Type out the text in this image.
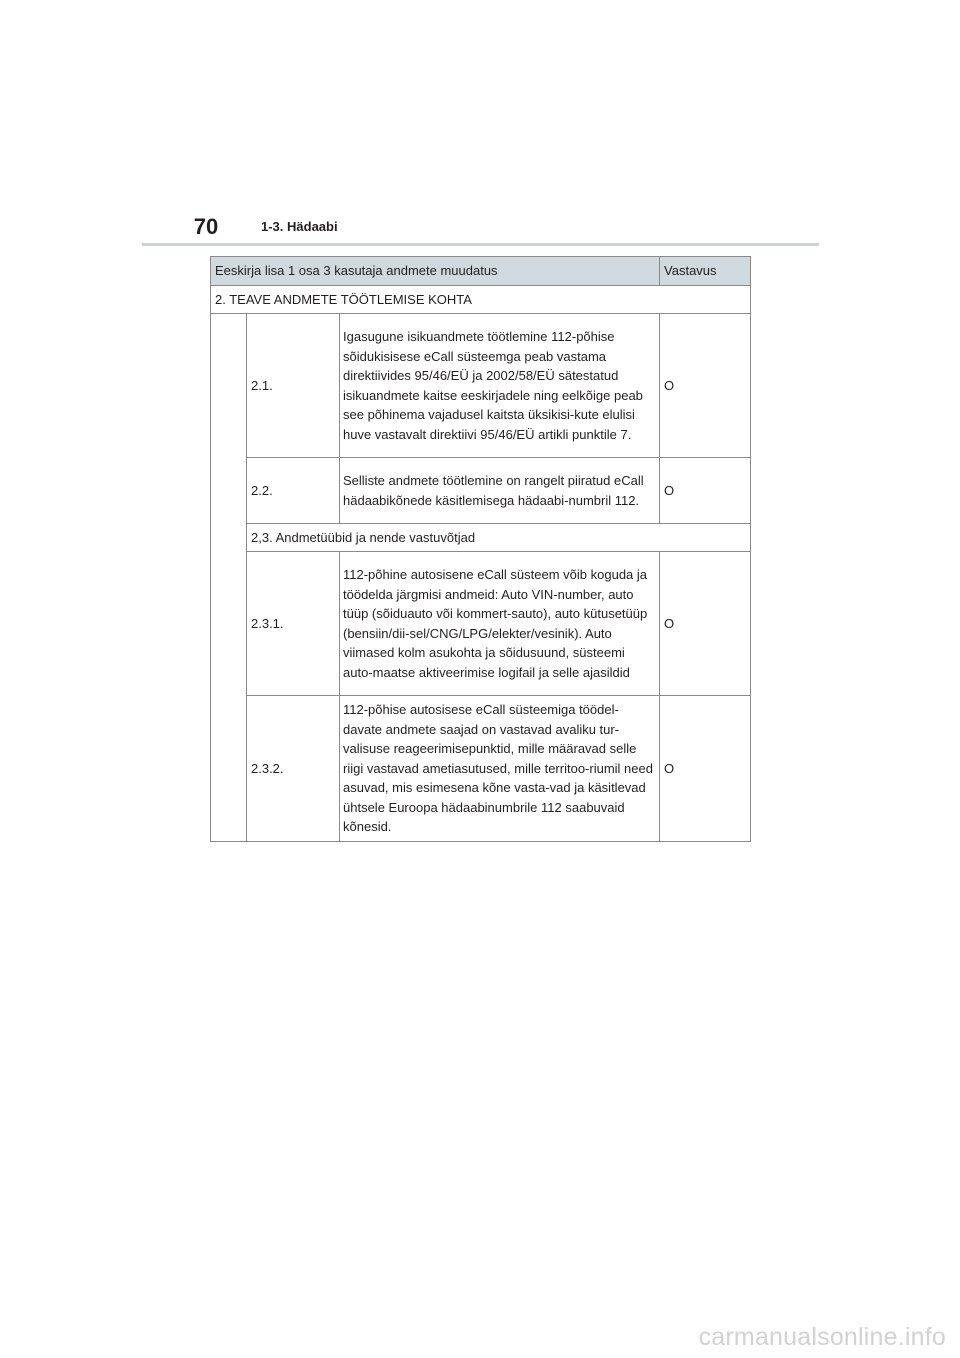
70	1-3. Hädaabi
Eeskirja lisa 1 osa 3 kasutaja andmete muudatus			Vastavus
2. TEAVE ANDMETE TÖÖTLEMISE KOHTA			
	2.1.	Igasugune isikuandmete töötlemine 112-põhise sõidukisisese eCall süsteemga peab vastama direktiivides 95/46/EÜ ja 2002/58/EÜ sätestatud isikuandmete kaitse eeskirjadele ning eelkõige peab see põhinema vajadusel kaitsta üksikisi-kute elulisi huve vastavalt direktiivi 95/46/EÜ artikli punktile 7.	O
	2.2.	Selliste andmete töötlemine on rangelt piiratud eCall hädaabikõnede käsitlemisega hädaabi-numbril 112.	O
	2,3. Andmetüübid ja nende vastuvõtjad		
	2.3.1.	112-põhine autosisene eCall süsteem võib koguda ja töödelda järgmisi andmeid: Auto VIN-number, auto tüüp (sõiduauto või kommert-sauto), auto kütusetüüp (bensiin/dii-sel/CNG/LPG/elekter/vesinik). Auto viimased kolm asukohta ja sõidusuund, süsteemi auto-maatse aktiveerimise logifail ja selle ajasildid	O
	2.3.2.	112-põhise autosisese eCall süsteemiga töödel-davate andmete saajad on vastavad avaliku tur-valisuse reageerimisepunktid, mille määravad selle riigi vastavad ametiasutused, mille territoo-riumil need asuvad, mis esimesena kõne vasta-vad ja käsitlevad ühtsele Euroopa hädaabinumbrile 112 saabuvaid kõnesid.	O
carmanualsonline.info
